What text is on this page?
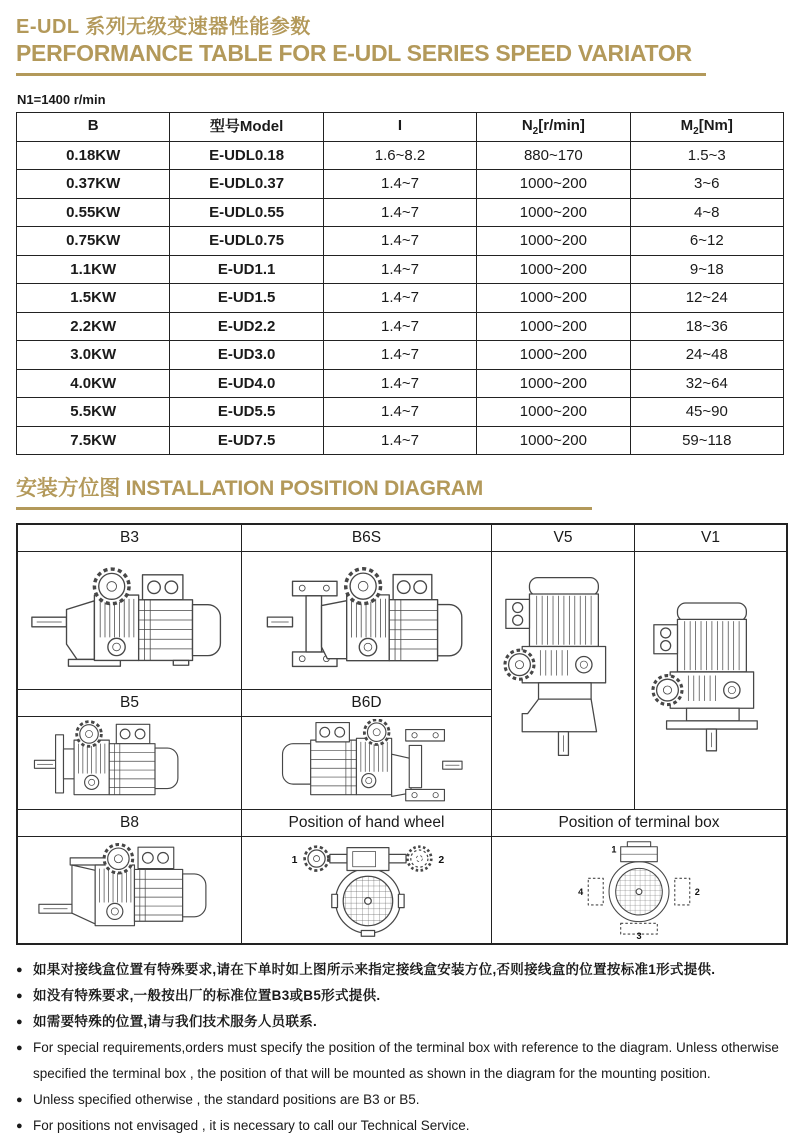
E-UDL 系列无级变速器性能参数
PERFORMANCE TABLE FOR E-UDL SERIES SPEED VARIATOR
N1=1400 r/min
B	型号Model	I	$N_2[r/\min]$	$M_2[Nm]$
0.18KW	E-UDL0.18	1.6~8.2	880~170	1.5~3
0.37KW	E-UDL0.37	1.4~7	1000~200	3~6
0.55KW	E-UDL0.55	1.4~7	1000~200	4~8
0.75KW	E-UDL0.75	1.4~7	1000~200	6~12
1.1KW	E-UD1.1	1.4~7	1000~200	9~18
1.5KW	E-UD1.5	1.4~7	1000~200	12~24
2.2KW	E-UD2.2	1.4~7	1000~200	18~36
3.0KW	E-UD3.0	1.4~7	1000~200	24~48
4.0KW	E-UD4.0	1.4~7	1000~200	32~64
5.5KW	E-UD5.5	1.4~7	1000~200	45~90
7.5KW	E-UD7.5	1.4~7	1000~200	59~118
安装方位图 INSTALLATION POSITION DIAGRAM
B3	B6S	V5	V1
B5	B6D
B8	Position of hand wheel	Position of terminal box
1	2
1
2
3
4
● 如果对接线盒位置有特殊要求,请在下单时如上图所示来指定接线盒安装方位,否则接线盒的位置按标准1形式提供.
● 如没有特殊要求,一般按出厂的标准位置B3或B5形式提供.
● 如需要特殊的位置,请与我们技术服务人员联系.
● For special requirements,orders must specify the position of the terminal box with reference to the diagram. Unless otherwise specified the terminal box , the position of that will be mounted as shown in the diagram for the mounting position.
● Unless specified otherwise , the standard positions are B3 or B5.
● For positions not envisaged , it is necessary to call our Technical Service.
